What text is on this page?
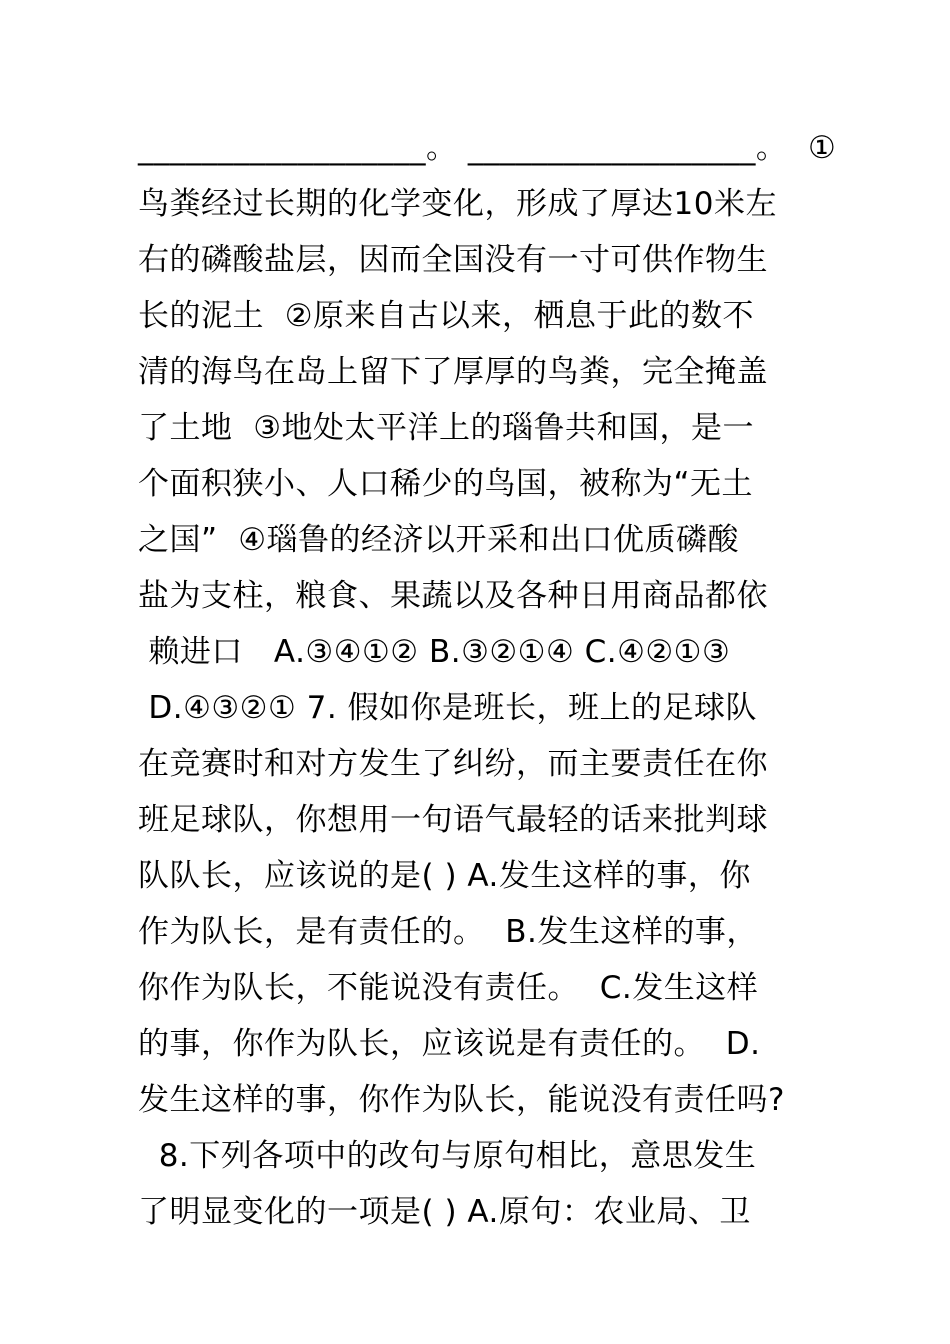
__________________。 __________________。  ①
鸟粪经过长期的化学变化，形成了厚达10米左
右的磷酸盐层，因而全国没有一寸可供作物生
长的泥土  ②原来自古以来，栖息于此的数不
清的海鸟在岛上留下了厚厚的鸟粪，完全掩盖
了土地  ③地处太平洋上的瑙鲁共和国，是一
个面积狭小、人口稀少的鸟国，被称为“无土
之国”  ④瑙鲁的经济以开采和出口优质磷酸
盐为支柱，粮食、果蔬以及各种日用商品都依
赖进口   A.③④①② B.③②①④ C.④②①③
D.④③②① 7. 假如你是班长，班上的足球队
在竞赛时和对方发生了纠纷，而主要责任在你
班足球队，你想用一句语气最轻的话来批判球
队队长，应该说的是( ) A.发生这样的事，你
作为队长，是有责任的。  B.发生这样的事，
你作为队长，不能说没有责任。  C.发生这样
的事，你作为队长，应该说是有责任的。  D.
发生这样的事，你作为队长，能说没有责任吗?
8.下列各项中的改句与原句相比，意思发生
了明显变化的一项是( ) A.原句：农业局、卫
